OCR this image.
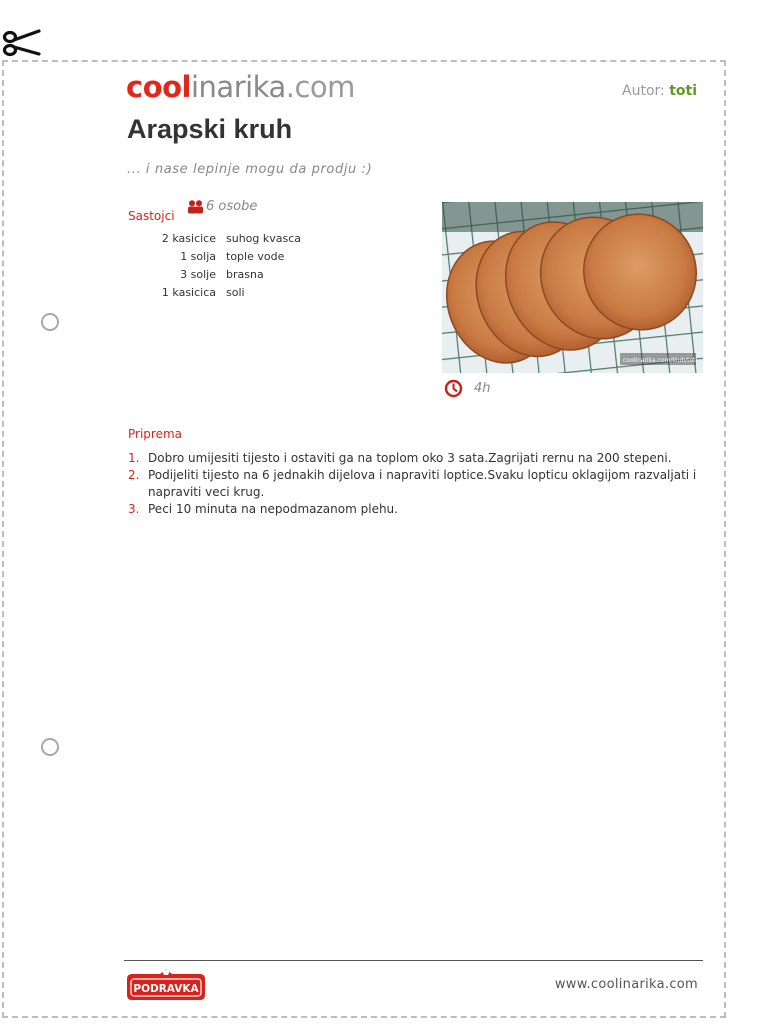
coolinarika.com	Autor: toti
Arapski kruh
... i nase lepinje mogu da prodju :)
Sastojci
6 osobe
2 kasicice	suhog kvasca
1 solja	tople vode
3 solje	brasna
1 kasicica	soli
coolinarika.com/klub/toti
4h
Priprema
1. Dobro umijesiti tijesto i ostaviti ga na toplom oko 3 sata.Zagrijati rernu na 200 stepeni.
2. Podijeliti tijesto na 6 jednakih dijelova i napraviti loptice.Svaku lopticu oklagijom razvaljati i napraviti veci krug.
3. Peci 10 minuta na nepodmazanom plehu.
PODRAVKA	www.coolinarika.com
